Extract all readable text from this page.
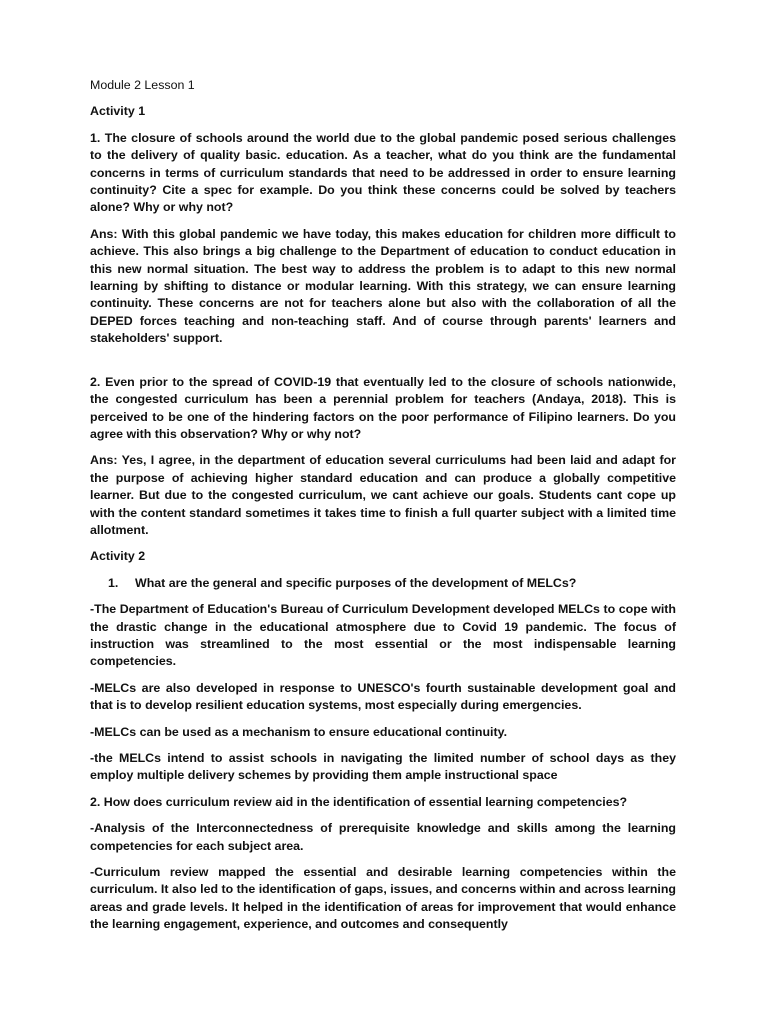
Module 2 Lesson 1

Activity 1

1. The closure of schools around the world due to the global pandemic posed serious challenges to the delivery of quality basic. education. As a teacher, what do you think are the fundamental concerns in terms of curriculum standards that need to be addressed in order to ensure learning continuity? Cite a spec for example. Do you think these concerns could be solved by teachers alone? Why or why not?

Ans: With this global pandemic we have today, this makes education for children more difficult to achieve. This also brings a big challenge to the Department of education to conduct education in this new normal situation. The best way to address the problem is to adapt to this new normal learning by shifting to distance or modular learning. With this strategy, we can ensure learning continuity. These concerns are not for teachers alone but also with the collaboration of all the DEPED forces teaching and non-teaching staff. And of course through parents' learners and stakeholders' support.

2. Even prior to the spread of COVID-19 that eventually led to the closure of schools nationwide, the congested curriculum has been a perennial problem for teachers (Andaya, 2018). This is perceived to be one of the hindering factors on the poor performance of Filipino learners. Do you agree with this observation? Why or why not?

Ans: Yes, I agree, in the department of education several curriculums had been laid and adapt for the purpose of achieving higher standard education and can produce a globally competitive learner. But due to the congested curriculum, we cant achieve our goals. Students cant cope up with the content standard sometimes it takes time to finish a full quarter subject with a limited time allotment.

Activity 2

1.	What are the general and specific purposes of the development of MELCs?

-The Department of Education's Bureau of Curriculum Development developed MELCs to cope with the drastic change in the educational atmosphere due to Covid 19 pandemic. The focus of instruction was streamlined to the most essential or the most indispensable learning competencies.

-MELCs are also developed in response to UNESCO's fourth sustainable development goal and that is to develop resilient education systems, most especially during emergencies.

-MELCs can be used as a mechanism to ensure educational continuity.

-the MELCs intend to assist schools in navigating the limited number of school days as they employ multiple delivery schemes by providing them ample instructional space

2. How does curriculum review aid in the identification of essential learning competencies?

-Analysis of the Interconnectedness of prerequisite knowledge and skills among the learning competencies for each subject area.

-Curriculum review mapped the essential and desirable learning competencies within the curriculum. It also led to the identification of gaps, issues, and concerns within and across learning areas and grade levels. It helped in the identification of areas for improvement that would enhance the learning engagement, experience, and outcomes and consequently
